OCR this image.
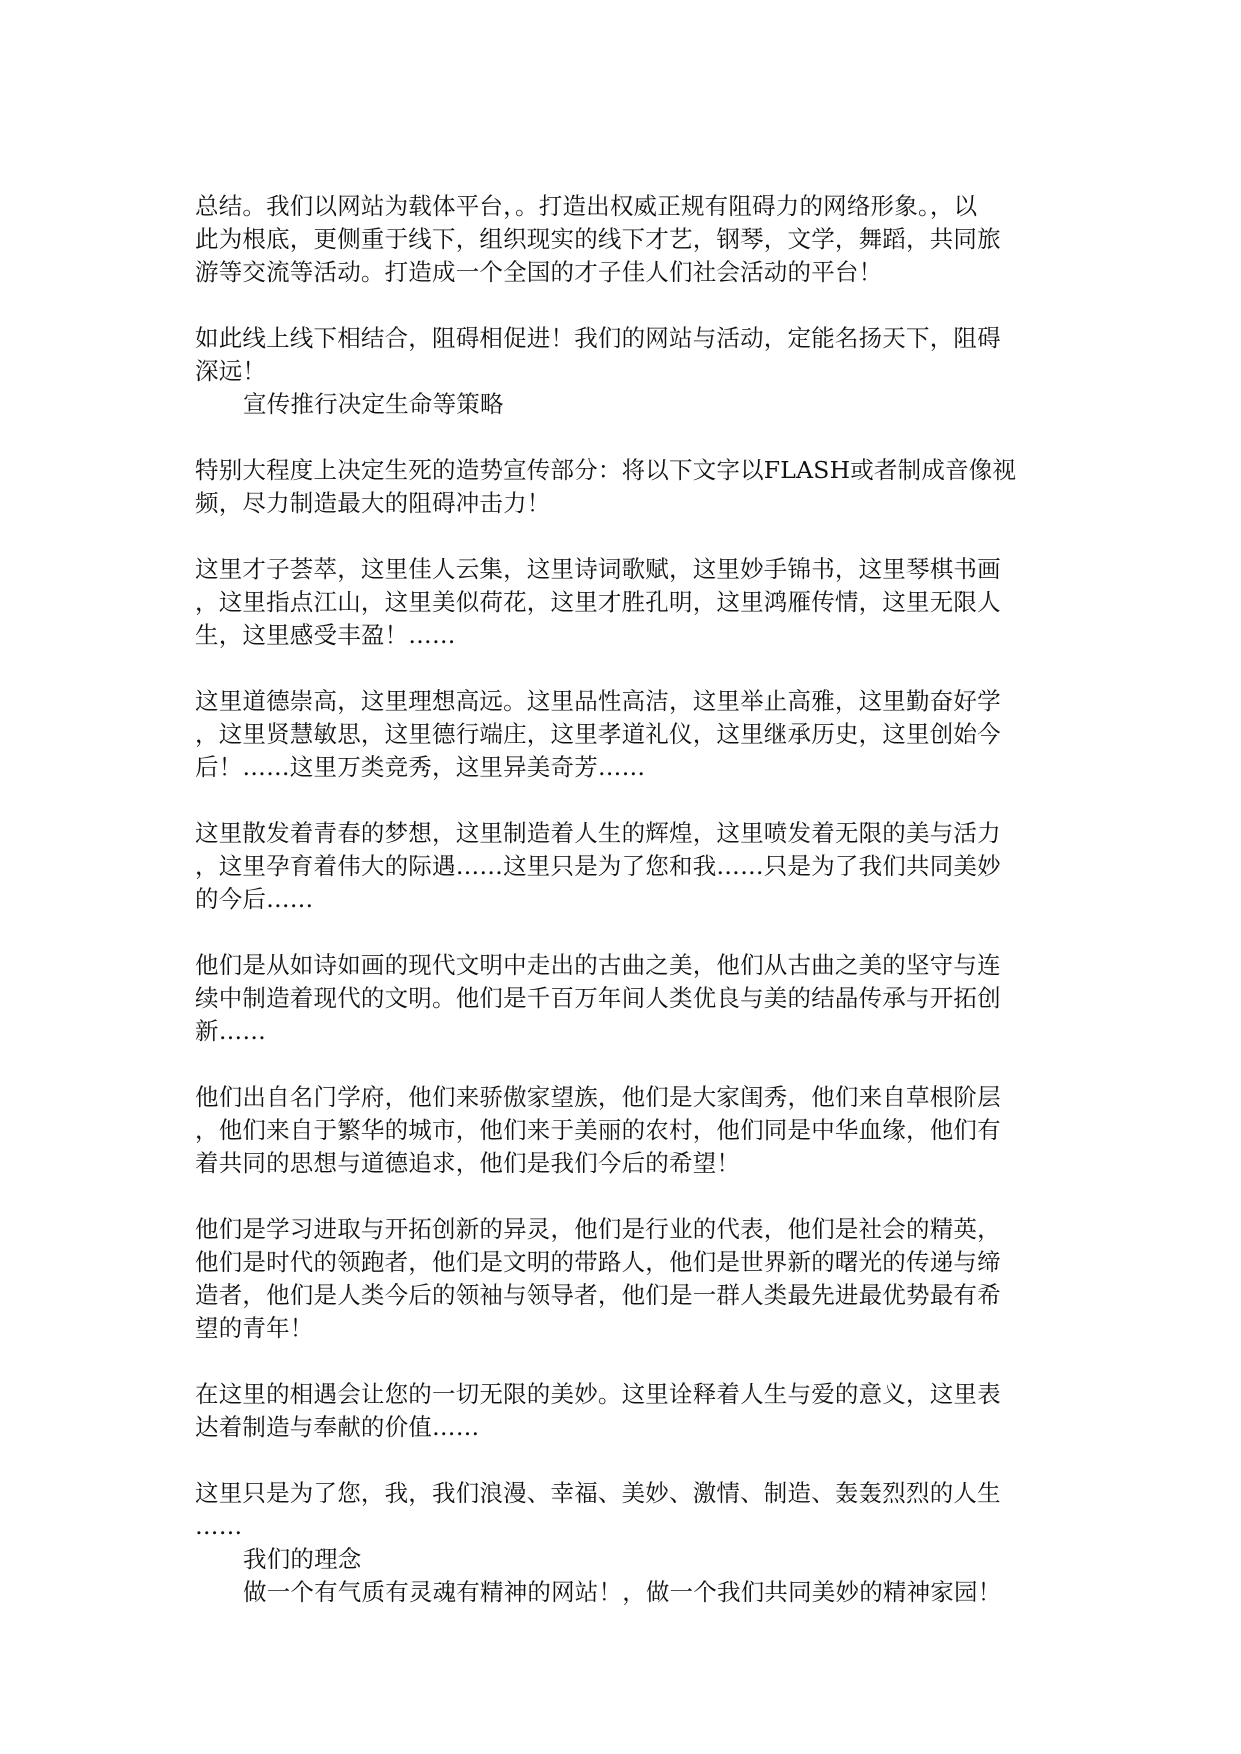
总结。我们以网站为载体平台，。打造出权威正规有阻碍力的网络形象。，以
此为根底，更侧重于线下，组织现实的线下才艺，钢琴，文学，舞蹈，共同旅
游等交流等活动。打造成一个全国的才子佳人们社会活动的平台！
如此线上线下相结合，阻碍相促进！我们的网站与活动，定能名扬天下，阻碍
深远！
宣传推行决定生命等策略
特别大程度上决定生死的造势宣传部分：将以下文字以FLASH或者制成音像视
频，尽力制造最大的阻碍冲击力！
这里才子荟萃，这里佳人云集，这里诗词歌赋，这里妙手锦书，这里琴棋书画
，这里指点江山，这里美似荷花，这里才胜孔明，这里鸿雁传情，这里无限人
生，这里感受丰盈！……
这里道德崇高，这里理想高远。这里品性高洁，这里举止高雅，这里勤奋好学
，这里贤慧敏思，这里德行端庄，这里孝道礼仪，这里继承历史，这里创始今
后！……这里万类竞秀，这里异美奇芳……
这里散发着青春的梦想，这里制造着人生的辉煌，这里喷发着无限的美与活力
，这里孕育着伟大的际遇……这里只是为了您和我……只是为了我们共同美妙
的今后……
他们是从如诗如画的现代文明中走出的古曲之美，他们从古曲之美的坚守与连
续中制造着现代的文明。他们是千百万年间人类优良与美的结晶传承与开拓创
新……
他们出自名门学府，他们来骄傲家望族，他们是大家闺秀，他们来自草根阶层
，他们来自于繁华的城市，他们来于美丽的农村，他们同是中华血缘，他们有
着共同的思想与道德追求，他们是我们今后的希望！
他们是学习进取与开拓创新的异灵，他们是行业的代表，他们是社会的精英，
他们是时代的领跑者，他们是文明的带路人，他们是世界新的曙光的传递与缔
造者，他们是人类今后的领袖与领导者，他们是一群人类最先进最优势最有希
望的青年！
在这里的相遇会让您的一切无限的美妙。这里诠释着人生与爱的意义，这里表
达着制造与奉献的价值……
这里只是为了您，我，我们浪漫、幸福、美妙、激情、制造、轰轰烈烈的人生
……
我们的理念
做一个有气质有灵魂有精神的网站！，做一个我们共同美妙的精神家园！
